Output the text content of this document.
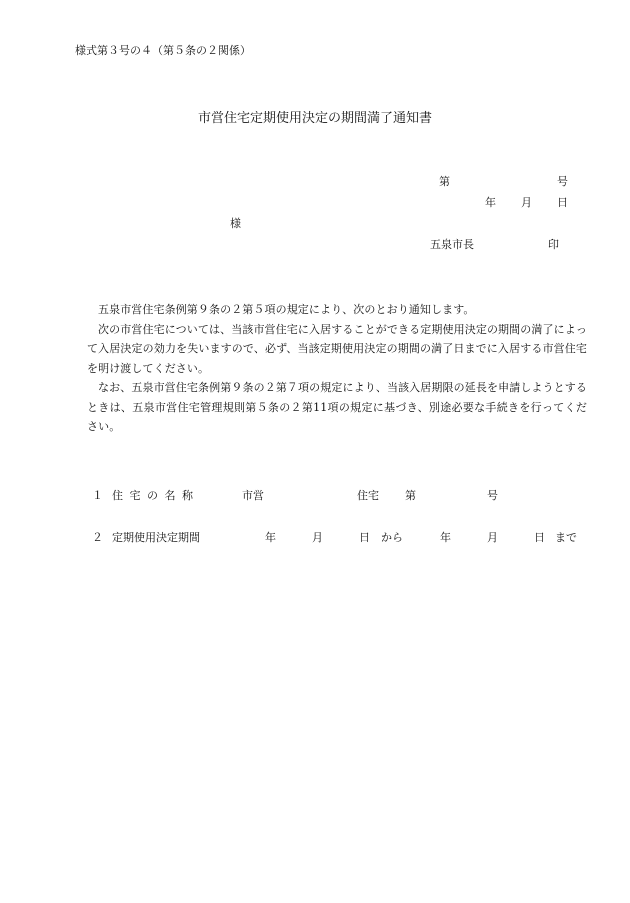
様式第３号の４（第５条の２関係）
市営住宅定期使用決定の期間満了通知書
第	号
年 月 日
様
五泉市長	印

五泉市営住宅条例第９条の２第５項の規定により、次のとおり通知します。

次の市営住宅については、当該市営住宅に入居することができる定期使用決定の期間の満了によって入居決定の効力を失いますので、必ず、当該定期使用決定の期間の満了日までに入居する市営住宅を明け渡してください。

なお、五泉市営住宅条例第９条の２第７項の規定により、当該入居期限の延長を申請しようとするときは、五泉市営住宅管理規則第５条の２第11項の規定に基づき、別途必要な手続きを行ってください。

１ 住 宅 の 名 称	市営	住宅 第	号
２ 定期使用決定期間	年	月	日 から	年	月	日 まで
